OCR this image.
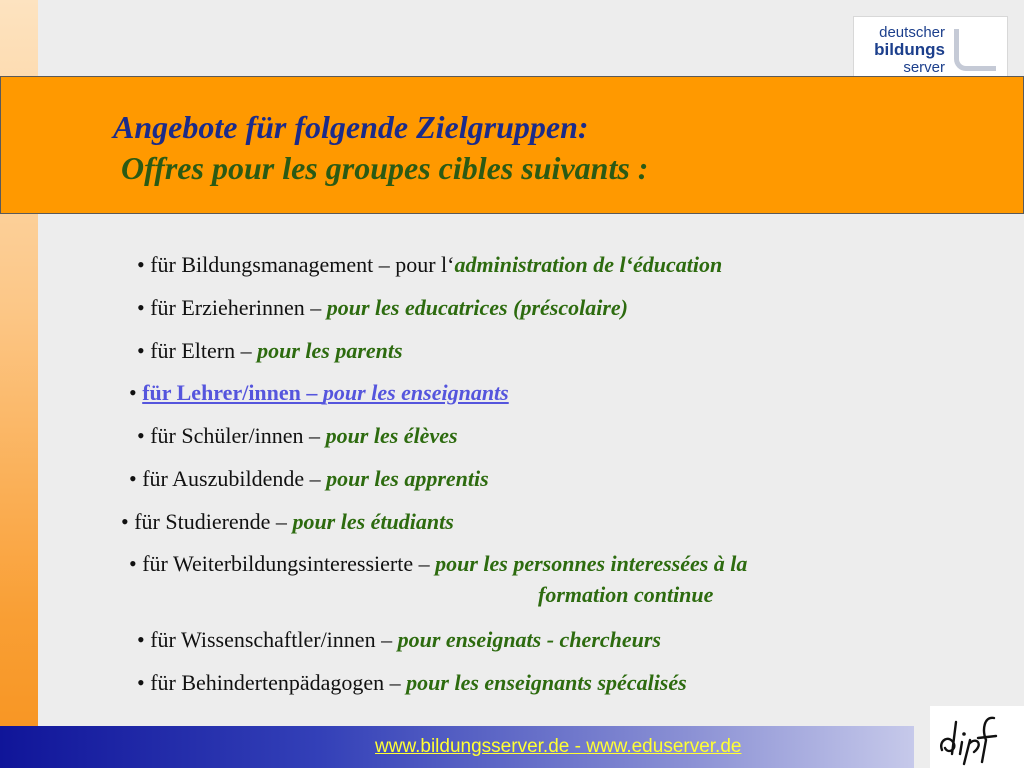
deutscher
bildungs
server
Angebote für folgende Zielgruppen:
Offres pour les groupes cibles suivants :
• für Bildungsmanagement – pour l‘administration de l‘éducation
• für Erzieherinnen – pour les educatrices (préscolaire)
• für Eltern – pour les parents
• für Lehrer/innen – pour les enseignants
• für Schüler/innen – pour les élèves
• für Auszubildende – pour les apprentis
• für Studierende – pour les étudiants
• für Weiterbildungsinteressierte – pour les personnes interessées à la
formation continue
• für Wissenschaftler/innen – pour enseignats - chercheurs
• für Behindertenpädagogen – pour les enseignants spécalisés
www.bildungsserver.de - www.eduserver.de
